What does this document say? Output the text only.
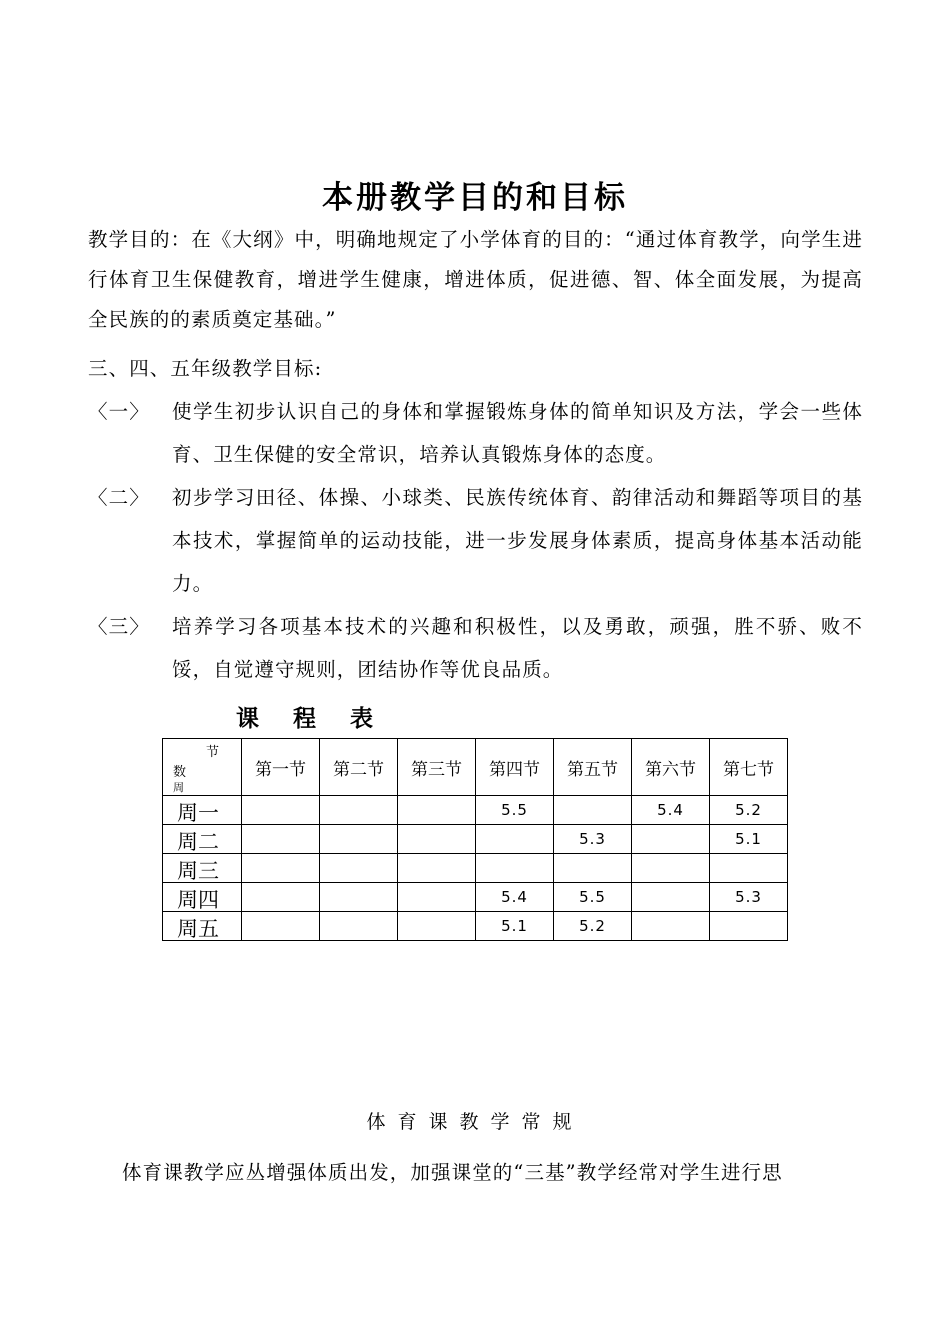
本册教学目的和目标
教学目的：在《大纲》中，明确地规定了小学体育的目的：“通过体育教学，向学生进行体育卫生保健教育，增进学生健康，增进体质，促进德、智、体全面发展，为提高全民族的的素质奠定基础。”
三、四、五年级教学目标:
〈一〉	使学生初步认识自己的身体和掌握锻炼身体的简单知识及方法，学会一些体育、卫生保健的安全常识，培养认真锻炼身体的态度。
〈二〉	初步学习田径、体操、小球类、民族传统体育、韵律活动和舞蹈等项目的基本技术，掌握简单的运动技能，进一步发展身体素质，提高身体基本活动能力。
〈三〉	培养学习各项基本技术的兴趣和积极性，以及勇敢，顽强，胜不骄、败不馁，自觉遵守规则，团结协作等优良品质。
课 程 表
节
数
周	第一节	第二节	第三节	第四节	第五节	第六节	第七节
周一				5.5		5.4	5.2
周二					5.3		5.1
周三							
周四				5.4	5.5		5.3
周五				5.1	5.2		
体育课教学常规
体育课教学应丛增强体质出发，加强课堂的“三基”教学经常对学生进行思
